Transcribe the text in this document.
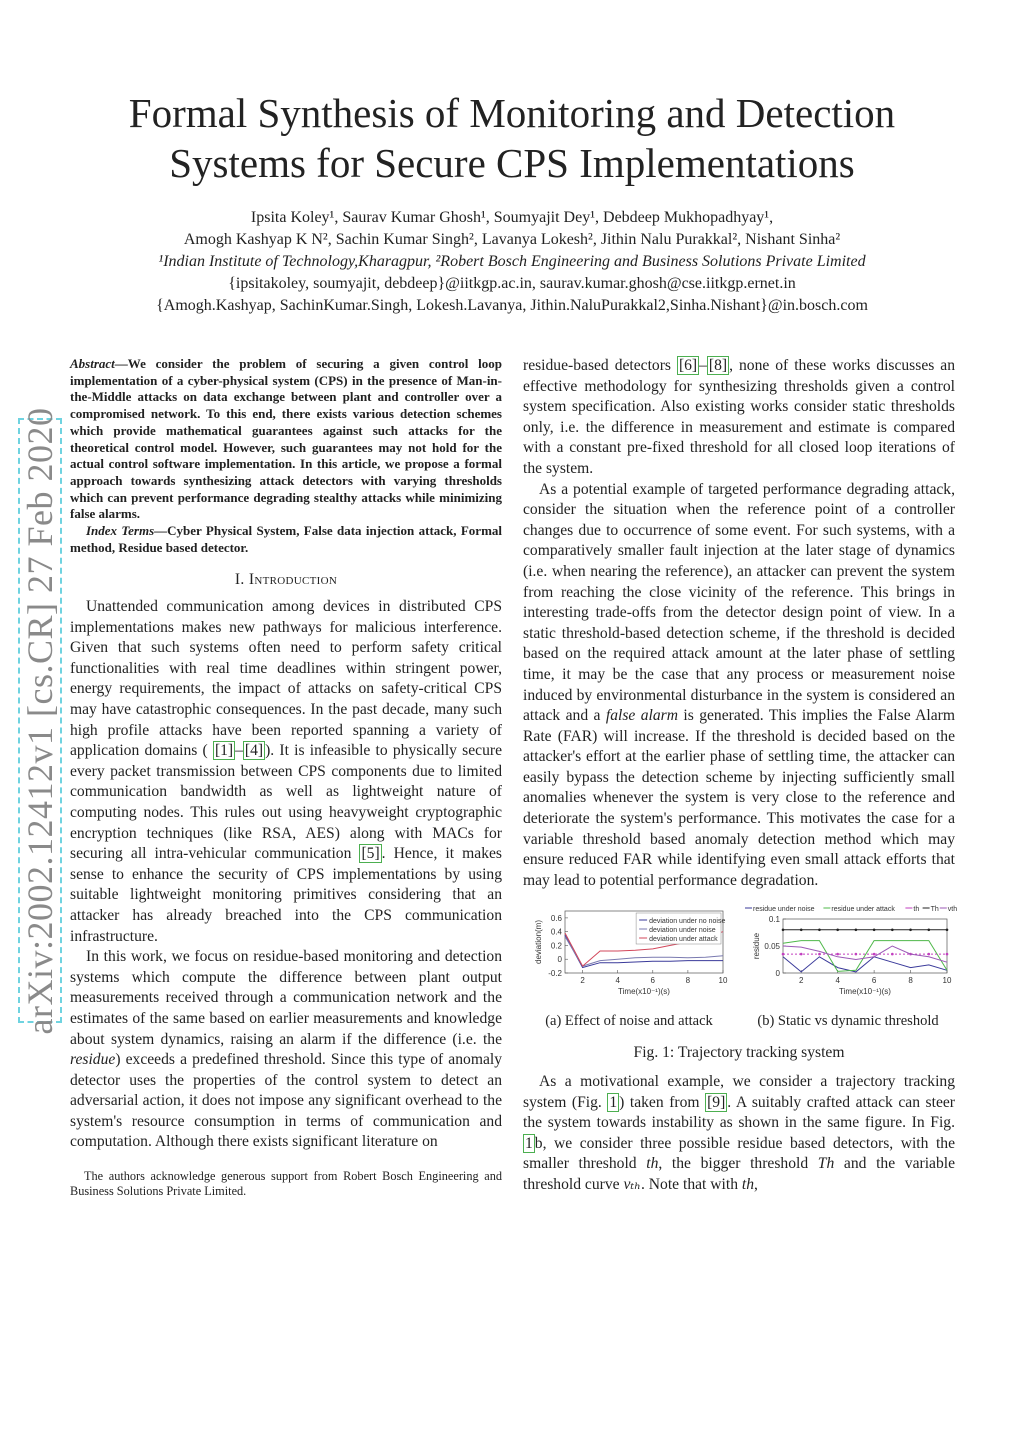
arXiv:2002.12412v1 [cs.CR] 27 Feb 2020
Formal Synthesis of Monitoring and Detection
Systems for Secure CPS Implementations
Ipsita Koley¹, Saurav Kumar Ghosh¹, Soumyajit Dey¹, Debdeep Mukhopadhyay¹,
Amogh Kashyap K N², Sachin Kumar Singh², Lavanya Lokesh², Jithin Nalu Purakkal², Nishant Sinha²
¹Indian Institute of Technology,Kharagpur, ²Robert Bosch Engineering and Business Solutions Private Limited
{ipsitakoley, soumyajit, debdeep}@iitkgp.ac.in, saurav.kumar.ghosh@cse.iitkgp.ernet.in
{Amogh.Kashyap, SachinKumar.Singh, Lokesh.Lavanya, Jithin.NaluPurakkal2,Sinha.Nishant}@in.bosch.com

Abstract—We consider the problem of securing a given control loop implementation of a cyber-physical system (CPS) in the presence of Man-in-the-Middle attacks on data exchange between plant and controller over a compromised network. To this end, there exists various detection schemes which provide mathematical guarantees against such attacks for the theoretical control model. However, such guarantees may not hold for the actual control software implementation. In this article, we propose a formal approach towards synthesizing attack detectors with varying thresholds which can prevent performance degrading stealthy attacks while minimizing false alarms.

Index Terms—Cyber Physical System, False data injection attack, Formal method, Residue based detector.

I. Introduction

Unattended communication among devices in distributed CPS implementations makes new pathways for malicious interference. Given that such systems often need to perform safety critical functionalities with real time deadlines within stringent power, energy requirements, the impact of attacks on safety-critical CPS may have catastrophic consequences. In the past decade, many such high profile attacks have been reported spanning a variety of application domains ( [1] – [4] ). It is infeasible to physically secure every packet transmission between CPS components due to limited communication bandwidth as well as lightweight nature of computing nodes. This rules out using heavyweight cryptographic encryption techniques (like RSA, AES) along with MACs for securing all intra-vehicular communication [5] . Hence, it makes sense to enhance the security of CPS implementations by using suitable lightweight monitoring primitives considering that an attacker has already breached into the CPS communication infrastructure.

In this work, we focus on residue-based monitoring and detection systems which compute the difference between plant output measurements received through a communication network and the estimates of the same based on earlier measurements and knowledge about system dynamics, raising an alarm if the difference (i.e. the residue) exceeds a predefined threshold. Since this type of anomaly detector uses the properties of the control system to detect an adversarial action, it does not impose any significant overhead to the system's resource consumption in terms of communication and computation. Although there exists significant literature on

The authors acknowledge generous support from Robert Bosch Engineering and Business Solutions Private Limited.

residue-based detectors [6] – [8] , none of these works discusses an effective methodology for synthesizing thresholds given a control system specification. Also existing works consider static thresholds only, i.e. the difference in measurement and estimate is compared with a constant pre-fixed threshold for all closed loop iterations of the system.

As a potential example of targeted performance degrading attack, consider the situation when the reference point of a controller changes due to occurrence of some event. For such systems, with a comparatively smaller fault injection at the later stage of dynamics (i.e. when nearing the reference), an attacker can prevent the system from reaching the close vicinity of the reference. This brings in interesting trade-offs from the detector design point of view. In a static threshold-based detection scheme, if the threshold is decided based on the required attack amount at the later phase of settling time, it may be the case that any process or measurement noise induced by environmental disturbance in the system is considered an attack and a false alarm is generated. This implies the False Alarm Rate (FAR) will increase. If the threshold is decided based on the attacker's effort at the earlier phase of settling time, the attacker can easily bypass the detection scheme by injecting sufficiently small anomalies whenever the system is very close to the reference and deteriorate the system's performance. This motivates the case for a variable threshold based anomaly detection method which may ensure reduced FAR while identifying even small attack efforts that may lead to potential performance degradation.

2	4	6	8	10
-0.2
0
0.2
0.4
0.6
Time(x10⁻¹)(s)
deviation(m)	deviation under no noise
deviation under noise
deviation under attack
2	4	6	8	10
0
0.05
0.1
Time(x10⁻¹)(s)
residue
residue under noise residue under attack	th Th vth
(a) Effect of noise and attack	(b) Static vs dynamic threshold

Fig. 1: Trajectory tracking system

As a motivational example, we consider a trajectory tracking system (Fig. 1 ) taken from [9] . A suitably crafted attack can steer the system towards instability as shown in the same figure. In Fig. 1 b, we consider three possible residue based detectors, with the smaller threshold th, the bigger threshold Th and the variable threshold curve vₜₕ. Note that with th,
